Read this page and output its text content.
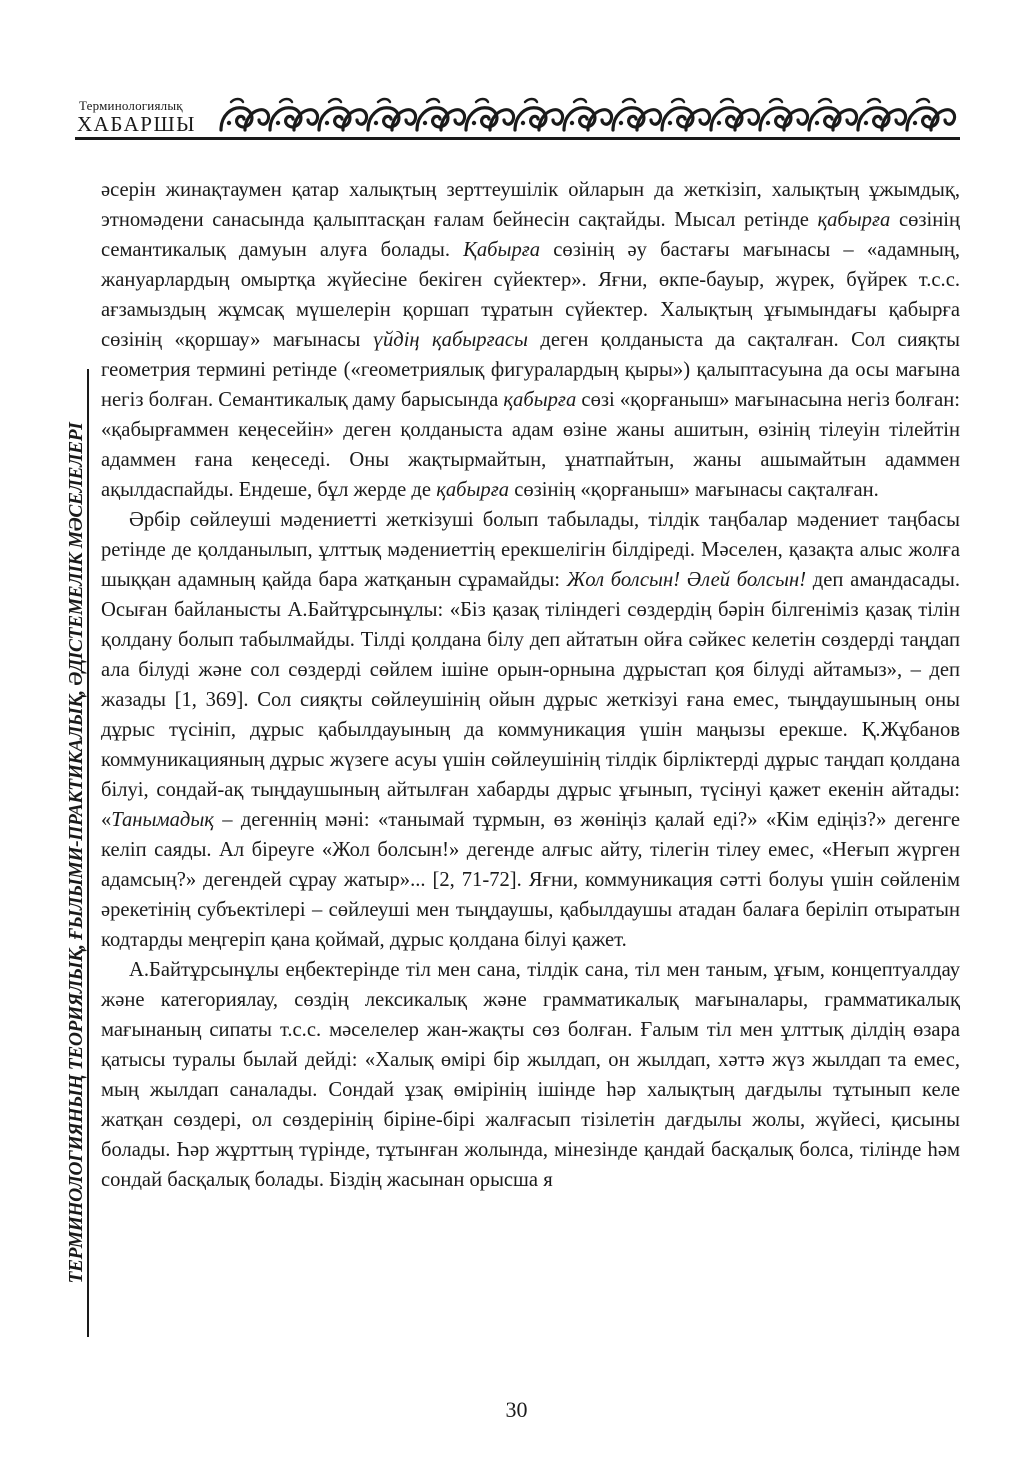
Терминологиялық
ХАБАРШЫ
ТЕРМИНОЛОГИЯНЫҢ ТЕОРИЯЛЫҚ, ҒЫЛЫМИ-ПРАКТИКАЛЫҚ, ӘДІСТЕМЕЛІК МӘСЕЛЕЛЕРІ

әсерін жинақтаумен қатар халықтың зерттеушілік ойларын да жеткізіп, халықтың ұжымдық, этномәдени санасында қалыптасқан ғалам бейнесін сақтайды. Мысал ретінде қабырға сөзінің семантикалық дамуын алуға болады. Қабырға сөзінің әу бастағы мағынасы – «адамның, жануарлардың омыртқа жүйесіне бекіген сүйектер». Яғни, өкпе-бауыр, жүрек, бүйрек т.с.с. ағзамыздың жұмсақ мүшелерін қоршап тұратын сүйектер. Халықтың ұғымындағы қабырға сөзінің «қоршау» мағынасы үйдің қабырғасы деген қолданыста да сақталған. Сол сияқты геометрия термині ретінде («геометриялық фигуралардың қыры») қалыптасуына да осы мағына негіз болған. Семантикалық даму барысында қабырға сөзі «қорғаныш» мағынасына негіз болған: «қабырғаммен кеңесейін» деген қолданыста адам өзіне жаны ашитын, өзінің тілеуін тілейтін адаммен ғана кеңеседі. Оны жақтырмайтын, ұнатпайтын, жаны ашымайтын адаммен ақылдаспайды. Ендеше, бұл жерде де қабырға сөзінің «қорғаныш» мағынасы сақталған.

Әрбір сөйлеуші мәдениетті жеткізуші болып табылады, тілдік таңбалар мәдениет таңбасы ретінде де қолданылып, ұлттық мәдениеттің ерекшелігін білдіреді. Мәселен, қазақта алыс жолға шыққан адамның қайда бара жатқанын сұрамайды: Жол болсын! Әлей болсын! деп амандасады. Осыған байланысты А.Байтұрсынұлы: «Біз қазақ тіліндегі сөздердің бәрін білгеніміз қазақ тілін қолдану болып табылмайды. Тілді қолдана білу деп айтатын ойға сәйкес келетін сөздерді таңдап ала білуді және сол сөздерді сөйлем ішіне орын-орнына дұрыстап қоя білуді айтамыз», – деп жазады [1, 369]. Сол сияқты сөйлеушінің ойын дұрыс жеткізуі ғана емес, тыңдаушының оны дұрыс түсініп, дұрыс қабылдауының да коммуникация үшін маңызы ерекше. Қ.Жұбанов коммуникацияның дұрыс жүзеге асуы үшін сөйлеушінің тілдік бірліктерді дұрыс таңдап қолдана білуі, сондай-ақ тыңдаушының айтылған хабарды дұрыс ұғынып, түсінуі қажет екенін айтады: «Танымадық – дегеннің мәні: «танымай тұрмын, өз жөніңіз қалай еді?» «Кім едіңіз?» дегенге келіп саяды. Ал біреуге «Жол болсын!» дегенде алғыс айту, тілегін тілеу емес, «Неғып жүрген адамсың?» дегендей сұрау жатыр»... [2, 71-72]. Яғни, коммуникация сәтті болуы үшін сөйленім әрекетінің субъектілері – сөйлеуші мен тыңдаушы, қабылдаушы атадан балаға беріліп отыратын кодтарды меңгеріп қана қоймай, дұрыс қолдана білуі қажет.

А.Байтұрсынұлы еңбектерінде тіл мен сана, тілдік сана, тіл мен таным, ұғым, концептуалдау және категориялау, сөздің лексикалық және грамматикалық мағыналары, грамматикалық мағынаның сипаты т.с.с. мәселелер жан-жақты сөз болған. Ғалым тіл мен ұлттық ділдің өзара қатысы туралы былай дейді: «Халық өмірі бір жылдап, он жылдап, хәттә жүз жылдап та емес, мың жылдап саналады. Сондай ұзақ өмірінің ішінде һәр халықтың дағдылы тұтынып келе жатқан сөздері, ол сөздерінің біріне-бірі жалғасып тізілетін дағдылы жолы, жүйесі, қисыны болады. Һәр жұрттың түрінде, тұтынған жолында, мінезінде қандай басқалық болса, тілінде һәм сондай басқалық болады. Біздің жасынан орысша я

30
